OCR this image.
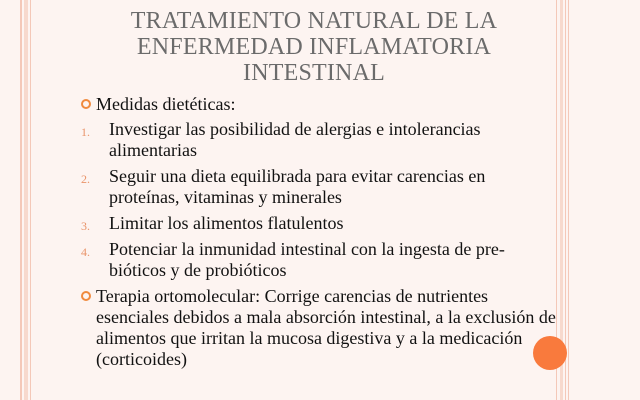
TRATAMIENTO NATURAL DE LA ENFERMEDAD INFLAMATORIA INTESTINAL
Medidas dietéticas:
1. Investigar las posibilidad de alergias e intolerancias alimentarias
2. Seguir una dieta equilibrada para evitar carencias en proteínas, vitaminas y minerales
3. Limitar los alimentos flatulentos
4. Potenciar la inmunidad intestinal con la ingesta de pre-bióticos y de probióticos
Terapia ortomolecular: Corrige carencias de nutrientes esenciales debidos a mala absorción intestinal, a la exclusión de alimentos que irritan la mucosa digestiva y a la medicación (corticoides)
